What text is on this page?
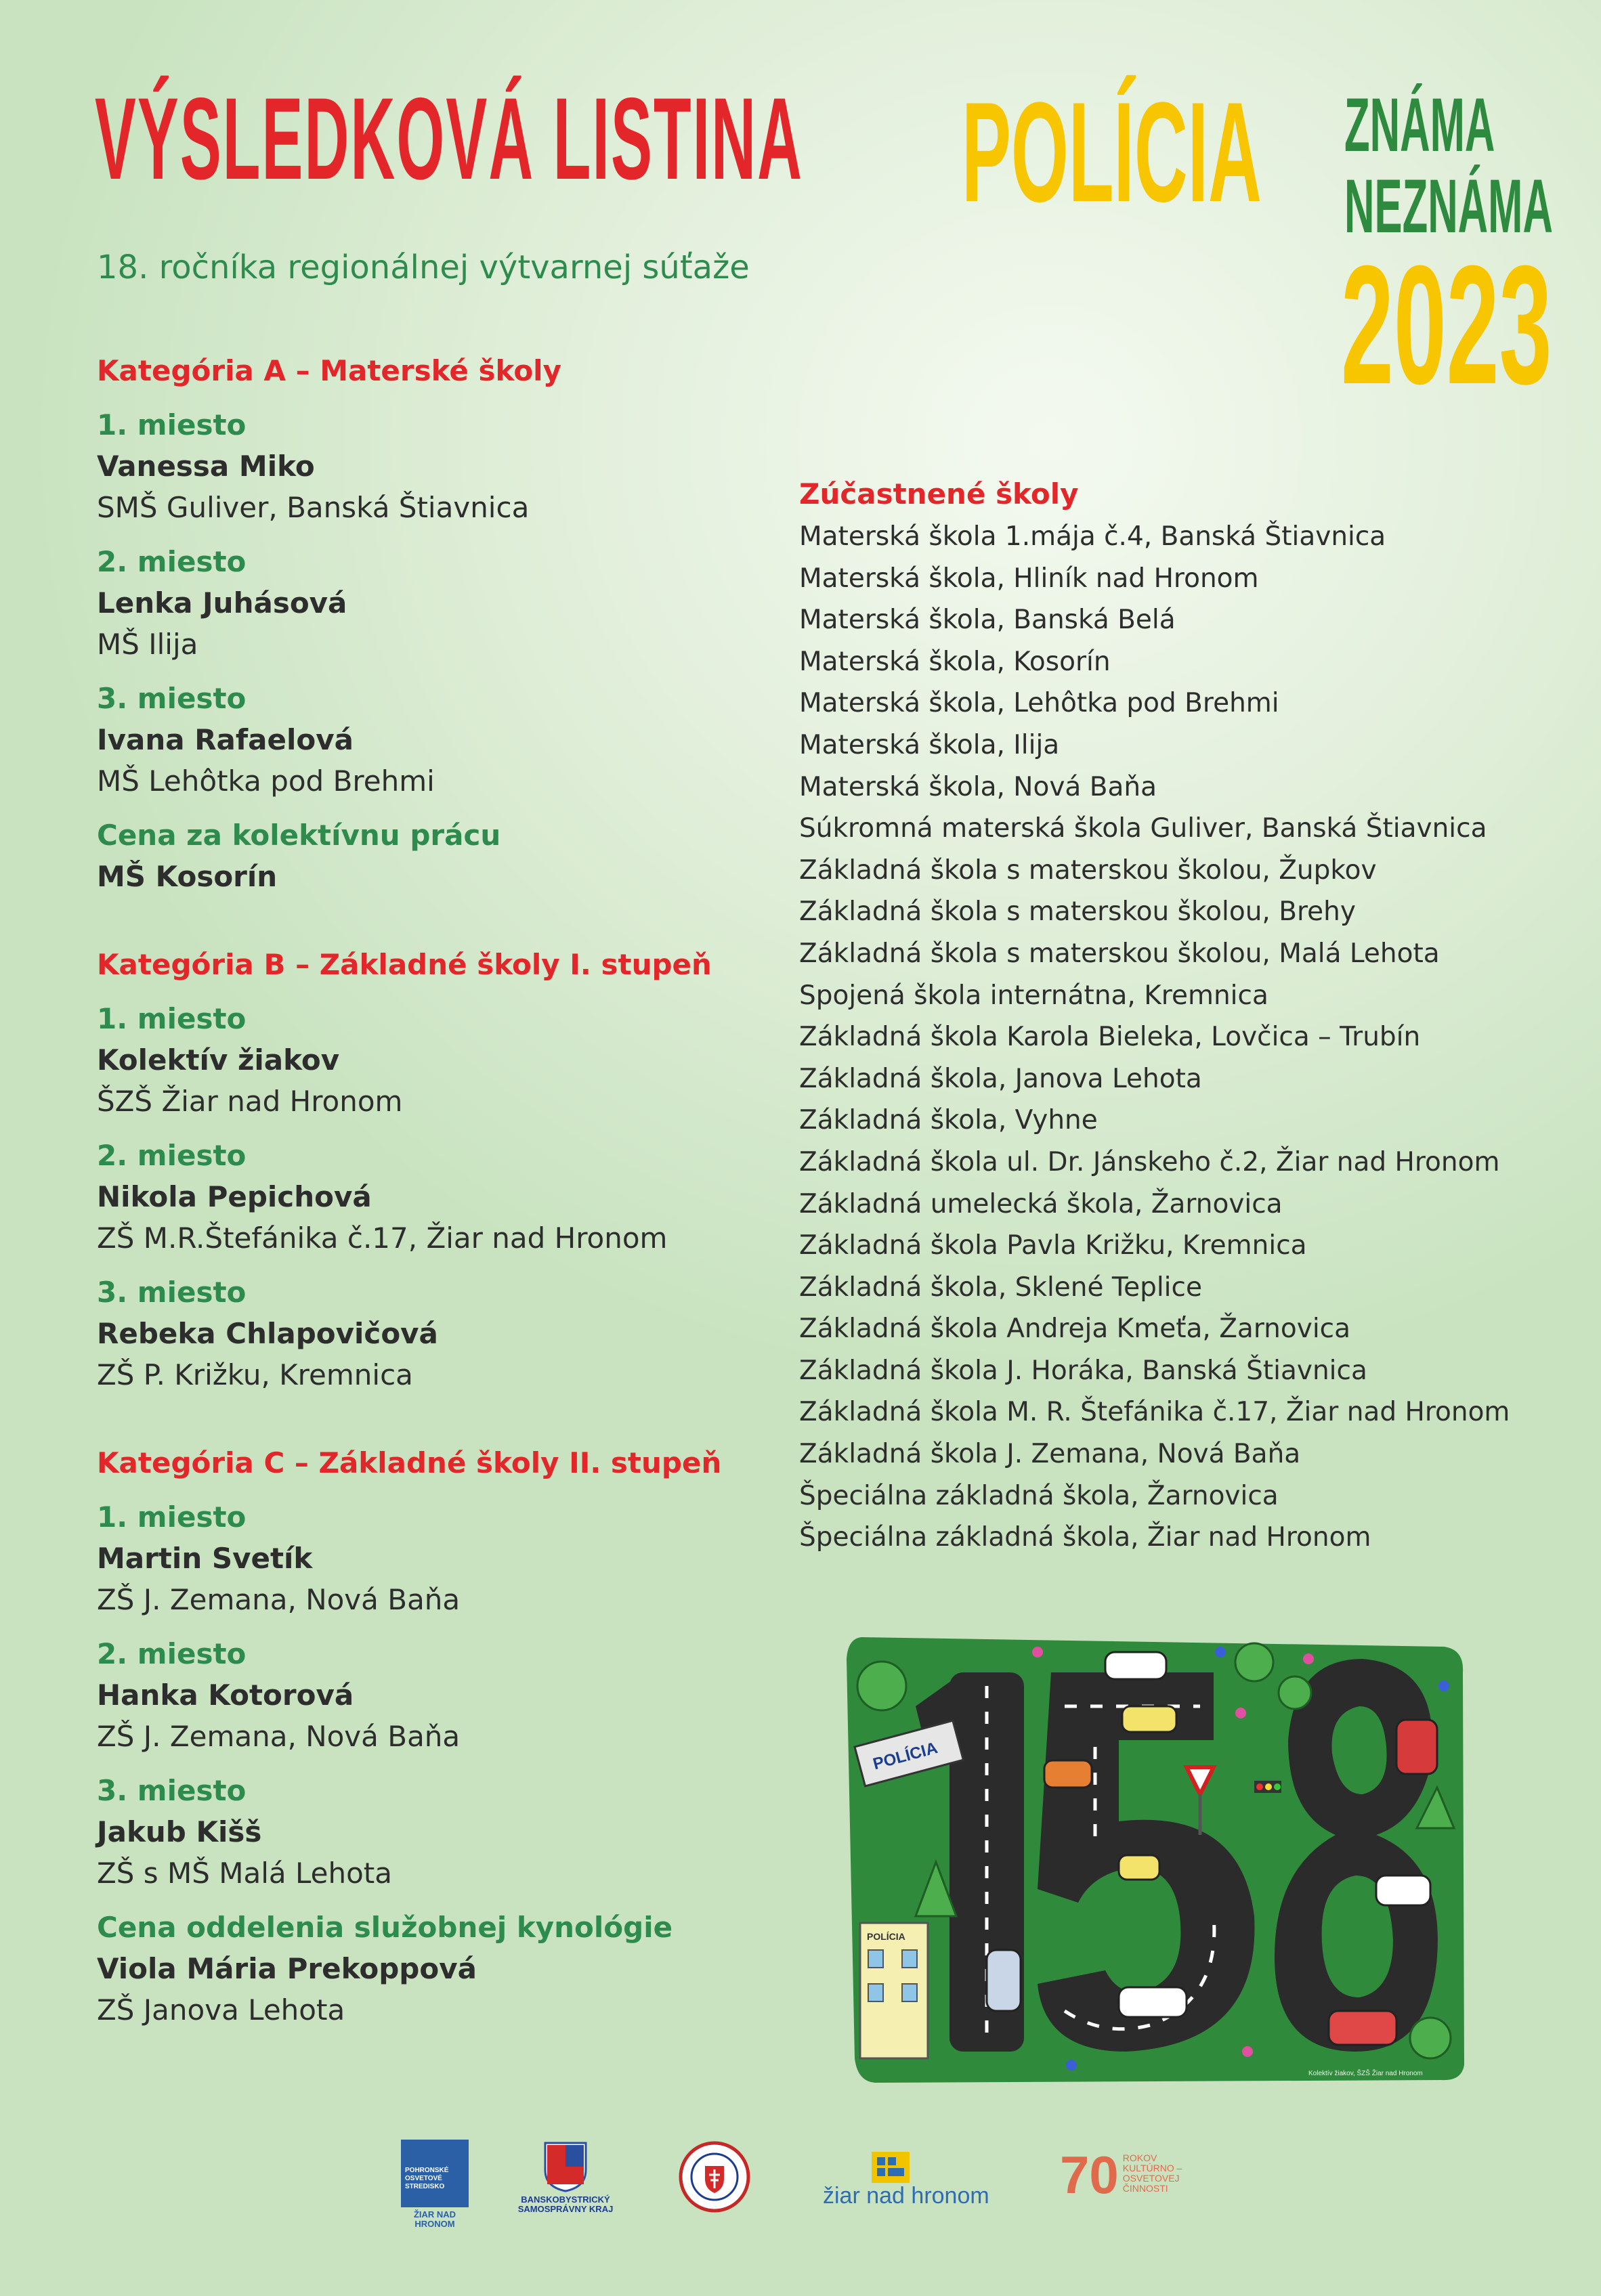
VÝSLEDKOVÁ LISTINA
18. ročníka regionálnej výtvarnej súťaže
POLÍCIA ZNÁMA
NEZNÁMA
2023
Kategória A – Materské školy
1. miesto
Vanessa Miko
SMŠ Guliver, Banská Štiavnica
2. miesto
Lenka Juhásová
MŠ Ilija
3. miesto
Ivana Rafaelová
MŠ Lehôtka pod Brehmi
Cena za kolektívnu prácu
MŠ Kosorín
Kategória B – Základné školy I. stupeň
1. miesto
Kolektív žiakov
ŠZŠ Žiar nad Hronom
2. miesto
Nikola Pepichová
ZŠ M.R.Štefánika č.17, Žiar nad Hronom
3. miesto
Rebeka Chlapovičová
ZŠ P. Križku, Kremnica
Kategória C – Základné školy II. stupeň
1. miesto
Martin Svetík
ZŠ J. Zemana, Nová Baňa
2. miesto
Hanka Kotorová
ZŠ J. Zemana, Nová Baňa
3. miesto
Jakub Kišš
ZŠ s MŠ Malá Lehota
Cena oddelenia služobnej kynológie
Viola Mária Prekoppová
ZŠ Janova Lehota
Zúčastnené školy
Materská škola 1.mája č.4, Banská Štiavnica
Materská škola, Hliník nad Hronom
Materská škola, Banská Belá
Materská škola, Kosorín
Materská škola, Lehôtka pod Brehmi
Materská škola, Ilija
Materská škola, Nová Baňa
Súkromná materská škola Guliver, Banská Štiavnica
Základná škola s materskou školou, Župkov
Základná škola s materskou školou, Brehy
Základná škola s materskou školou, Malá Lehota
Spojená škola internátna, Kremnica
Základná škola Karola Bieleka, Lovčica – Trubín
Základná škola, Janova Lehota
Základná škola, Vyhne
Základná škola ul. Dr. Jánskeho č.2, Žiar nad Hronom
Základná umelecká škola, Žarnovica
Základná škola Pavla Križku, Kremnica
Základná škola, Sklené Teplice
Základná škola Andreja Kmeťa, Žarnovica
Základná škola J. Horáka, Banská Štiavnica
Základná škola M. R. Štefánika č.17, Žiar nad Hronom
Základná škola J. Zemana, Nová Baňa
Špeciálna základná škola, Žarnovica
Špeciálna základná škola, Žiar nad Hronom
POLÍCIA
POLÍCIA
Kolektív žiakov, ŠZŠ Žiar nad Hronom
POHRONSKÉ
OSVETOVÉ
STREDISKO
ŽIAR NAD HRONOM
BANSKOBYSTRICKÝ
SAMOSPRÁVNY KRAJ
žiar nad hronom 70 ROKOV
KULTÚRNO –
OSVETOVEJ
ČINNOSTI
